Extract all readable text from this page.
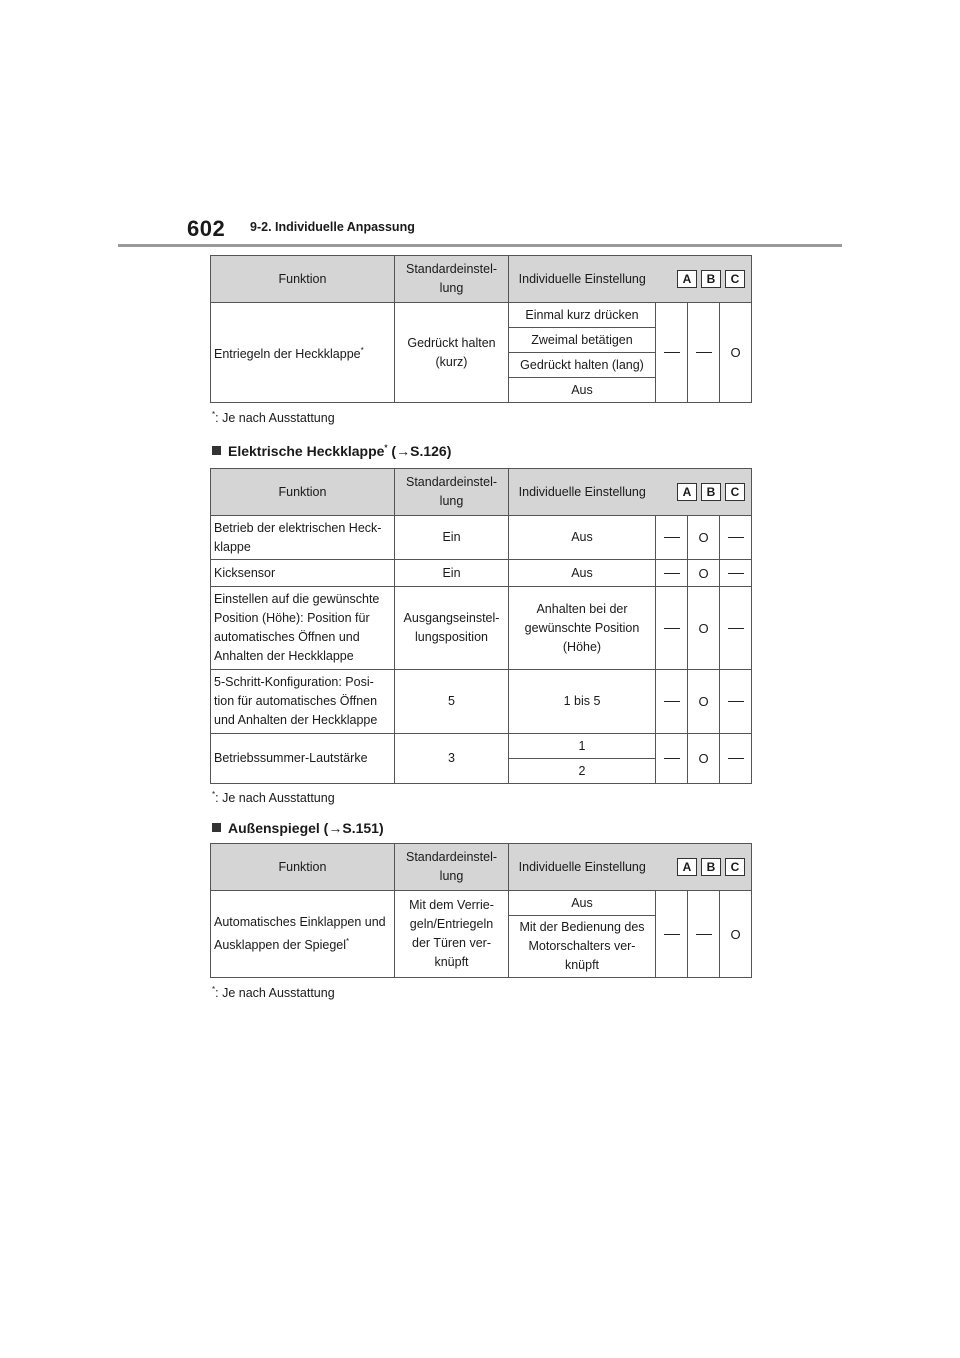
602 9-2. Individuelle Anpassung
Funktion	Standardeinstel-
lung	Individuelle Einstellung	A B C		

Entriegeln der Heckklappe*	Gedrückt halten
(kurz)	Einmal kurz drücken			O
		Zweimal betätigen			
		Gedrückt halten (lang)			
		Aus			
*: Je nach Ausstattung
Elektrische Heckklappe* (→S.126)
Funktion	Standardeinstel-
lung	Individuelle Einstellung	A B C		

Betrieb der elektrischen Heck-
klappe	Ein	Aus		O	
Kicksensor	Ein	Aus		O	
Einstellen auf die gewünschte
Position (Höhe): Position für
automatisches Öffnen und
Anhalten der Heckklappe	Ausgangseinstel-
lungsposition	Anhalten bei der
gewünschte Position
(Höhe)		O	
5-Schritt-Konfiguration: Posi-
tion für automatisches Öffnen
und Anhalten der Heckklappe	5	1 bis 5		O	
Betriebssummer-Lautstärke	3	1		O	
		2			
*: Je nach Ausstattung
Außenspiegel (→S.151)
Funktion	Standardeinstel-
lung	Individuelle Einstellung	A B C		

Automatisches Einklappen und
Ausklappen der Spiegel*	Mit dem Verrie-
geln/Entriegeln
der Türen ver-
knüpft	Aus			O
		Mit der Bedienung des
Motorschalters ver-
knüpft			
*: Je nach Ausstattung
